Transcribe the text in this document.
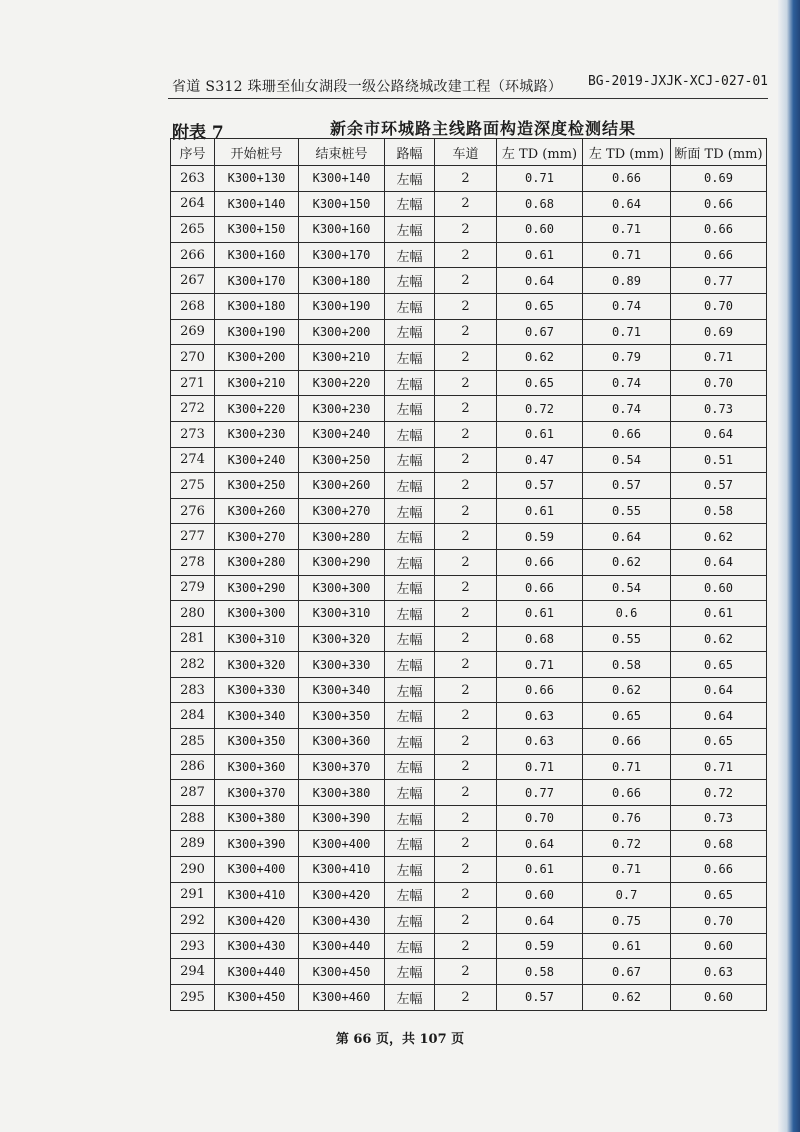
省道 S312 珠珊至仙女湖段一级公路绕城改建工程（环城路） BG-2019-JXJK-XCJ-027-01
附表 7	新余市环城路主线路面构造深度检测结果
序号	开始桩号	结束桩号	路幅	车道	左 TD (mm)	左 TD (mm)	断面 TD (mm)
263	K300+130	K300+140	左幅	2	0.71	0.66	0.69
264	K300+140	K300+150	左幅	2	0.68	0.64	0.66
265	K300+150	K300+160	左幅	2	0.60	0.71	0.66
266	K300+160	K300+170	左幅	2	0.61	0.71	0.66
267	K300+170	K300+180	左幅	2	0.64	0.89	0.77
268	K300+180	K300+190	左幅	2	0.65	0.74	0.70
269	K300+190	K300+200	左幅	2	0.67	0.71	0.69
270	K300+200	K300+210	左幅	2	0.62	0.79	0.71
271	K300+210	K300+220	左幅	2	0.65	0.74	0.70
272	K300+220	K300+230	左幅	2	0.72	0.74	0.73
273	K300+230	K300+240	左幅	2	0.61	0.66	0.64
274	K300+240	K300+250	左幅	2	0.47	0.54	0.51
275	K300+250	K300+260	左幅	2	0.57	0.57	0.57
276	K300+260	K300+270	左幅	2	0.61	0.55	0.58
277	K300+270	K300+280	左幅	2	0.59	0.64	0.62
278	K300+280	K300+290	左幅	2	0.66	0.62	0.64
279	K300+290	K300+300	左幅	2	0.66	0.54	0.60
280	K300+300	K300+310	左幅	2	0.61	0.6	0.61
281	K300+310	K300+320	左幅	2	0.68	0.55	0.62
282	K300+320	K300+330	左幅	2	0.71	0.58	0.65
283	K300+330	K300+340	左幅	2	0.66	0.62	0.64
284	K300+340	K300+350	左幅	2	0.63	0.65	0.64
285	K300+350	K300+360	左幅	2	0.63	0.66	0.65
286	K300+360	K300+370	左幅	2	0.71	0.71	0.71
287	K300+370	K300+380	左幅	2	0.77	0.66	0.72
288	K300+380	K300+390	左幅	2	0.70	0.76	0.73
289	K300+390	K300+400	左幅	2	0.64	0.72	0.68
290	K300+400	K300+410	左幅	2	0.61	0.71	0.66
291	K300+410	K300+420	左幅	2	0.60	0.7	0.65
292	K300+420	K300+430	左幅	2	0.64	0.75	0.70
293	K300+430	K300+440	左幅	2	0.59	0.61	0.60
294	K300+440	K300+450	左幅	2	0.58	0.67	0.63
295	K300+450	K300+460	左幅	2	0.57	0.62	0.60
第 66 页，共 107 页
